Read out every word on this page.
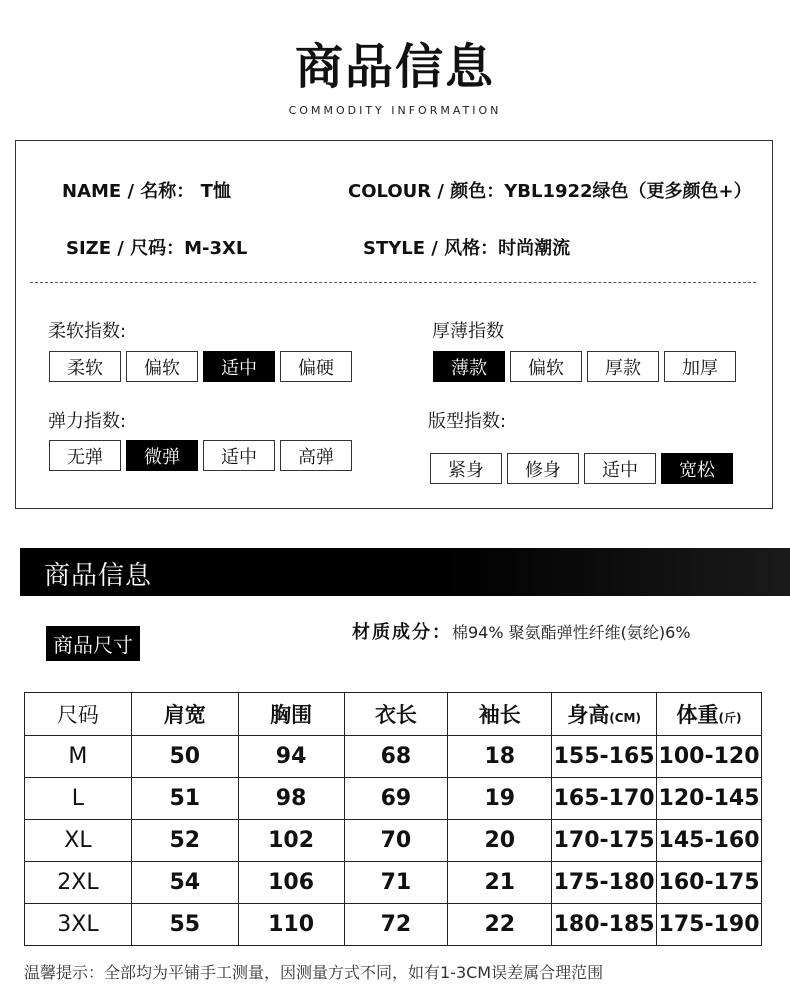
商品信息
COMMODITY INFORMATION
NAME / 名称： T恤	COLOUR / 颜色：YBL1922绿色（更多颜色+）
SIZE / 尺码：M-3XL	STYLE / 风格：时尚潮流
柔软指数:
柔软	偏软	适中	偏硬
厚薄指数
薄款	偏软	厚款	加厚
弹力指数:
无弹	微弹	适中	高弹
版型指数:
紧身	修身	适中	宽松
商品信息
商品尺寸
材质成分：棉94% 聚氨酯弹性纤维(氨纶)6%
尺码	肩宽	胸围	衣长	袖长	身高(CM)	体重(斤)
M	50	94	68	18	155-165	100-120
L	51	98	69	19	165-170	120-145
XL	52	102	70	20	170-175	145-160
2XL	54	106	71	21	175-180	160-175
3XL	55	110	72	22	180-185	175-190
温馨提示：全部均为平铺手工测量，因测量方式不同，如有1-3CM误差属合理范围
